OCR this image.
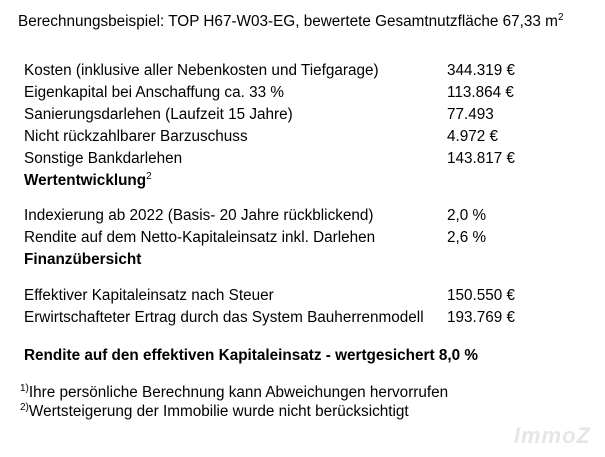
Berechnungsbeispiel: TOP H67-W03-EG, bewertete Gesamtnutzfläche 67,33 $m^2$
Kosten (inklusive aller Nebenkosten und Tiefgarage)	344.319 €
Eigenkapital bei Anschaffung ca. 33 %	113.864 €
Sanierungsdarlehen (Laufzeit 15 Jahre)	77.493
Nicht rückzahlbarer Barzuschuss	4.972 €
Sonstige Bankdarlehen	143.817 €
Wertentwicklung$^2$
Indexierung ab 2022 (Basis- 20 Jahre rückblickend)	2,0 %
Rendite auf dem Netto-Kapitaleinsatz inkl. Darlehen	2,6 %
Finanzübersicht
Effektiver Kapitaleinsatz nach Steuer	150.550 €
Erwirtschafteter Ertrag durch das System Bauherrenmodell 193.769 €
Rendite auf den effektiven Kapitaleinsatz - wertgesichert 8,0 %
$^{1)}$Ihre persönliche Berechnung kann Abweichungen hervorrufen
$^{2)}$Wertsteigerung der Immobilie wurde nicht berücksichtigt
ImmoZ
